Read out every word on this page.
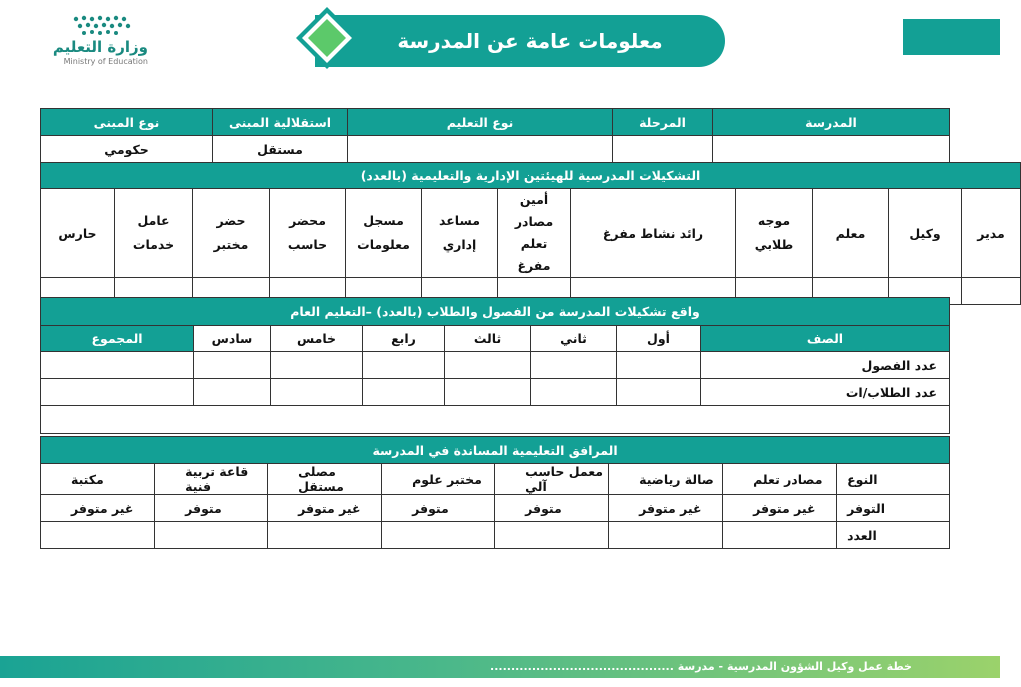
وزارة التعليم
Ministry of Education
معلومات عامة عن المدرسة
المدرسة	المرحلة	نوع التعليم	استقلالية المبنى	نوع المبنى
			مستقل	حكومي
التشكيلات المدرسية للهيئتين الإدارية والتعليمية (بالعدد)											
مدير	وكيل	معلم	موجه طلابي	رائد نشاط مفرغ	أمين مصادر تعلم مفرغ	مساعد إداري	مسجل معلومات	محضر حاسب	حضر مختبر	عامل خدمات	حارس

واقع تشكيلات المدرسة من الفصول والطلاب (بالعدد) –التعليم العام							
الصف	أول	ثاني	ثالث	رابع	خامس	سادس	المجموع
عدد الفصول							
عدد الطلاب/ات							

المرافق التعليمية المساندة في المدرسة							
النوع	مصادر تعلم	صالة رياضية	معمل حاسب آلي	مختبر علوم	مصلى مستقل	قاعة تربية فنية	مكتبة
التوفر	غير متوفر	غير متوفر	متوفر	متوفر	غير متوفر	متوفر	غير متوفر
العدد							
خطة عمل وكيل الشؤون المدرسية - مدرسة ............................................
